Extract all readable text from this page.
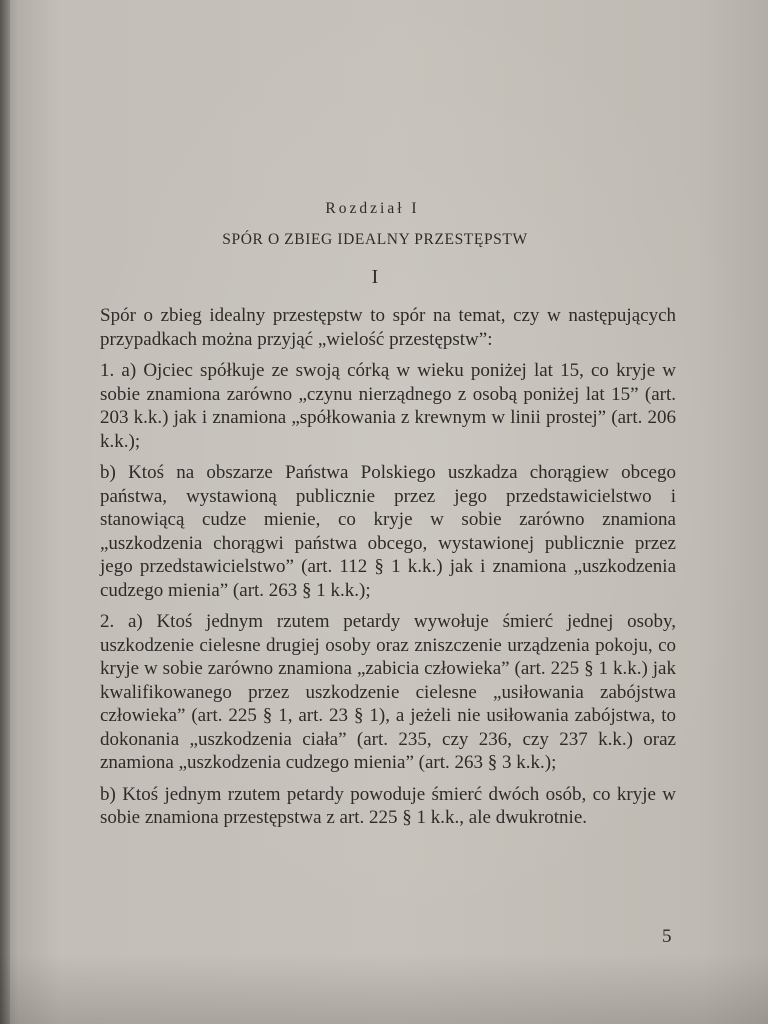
Rozdział I
SPÓR O ZBIEG IDEALNY PRZESTĘPSTW
I

Spór o zbieg idealny przestępstw to spór na temat, czy w następujących przypadkach można przyjąć „wielość przestępstw”:

1. a) Ojciec spółkuje ze swoją córką w wieku poniżej lat 15, co kryje w sobie znamiona zarówno „czynu nierządnego z osobą poniżej lat 15” (art. 203 k.k.) jak i znamiona „spółkowania z krewnym w linii prostej” (art. 206 k.k.);

b) Ktoś na obszarze Państwa Polskiego uszkadza chorągiew obcego państwa, wystawioną publicznie przez jego przedstawicielstwo i stanowiącą cudze mienie, co kryje w sobie zarówno znamiona „uszkodzenia chorągwi państwa obcego, wystawionej publicznie przez jego przedstawicielstwo” (art. 112 § 1 k.k.) jak i znamiona „uszkodzenia cudzego mienia” (art. 263 § 1 k.k.);

2. a) Ktoś jednym rzutem petardy wywołuje śmierć jednej osoby, uszkodzenie cielesne drugiej osoby oraz zniszczenie urządzenia pokoju, co kryje w sobie zarówno znamiona „zabicia człowieka” (art. 225 § 1 k.k.) jak kwalifikowanego przez uszkodzenie cielesne „usiłowania zabójstwa człowieka” (art. 225 § 1, art. 23 § 1), a jeżeli nie usiłowania zabójstwa, to dokonania „uszkodzenia ciała” (art. 235, czy 236, czy 237 k.k.) oraz znamiona „uszkodzenia cudzego mienia” (art. 263 § 3 k.k.);

b) Ktoś jednym rzutem petardy powoduje śmierć dwóch osób, co kryje w sobie znamiona przestępstwa z art. 225 § 1 k.k., ale dwukrotnie.

5
